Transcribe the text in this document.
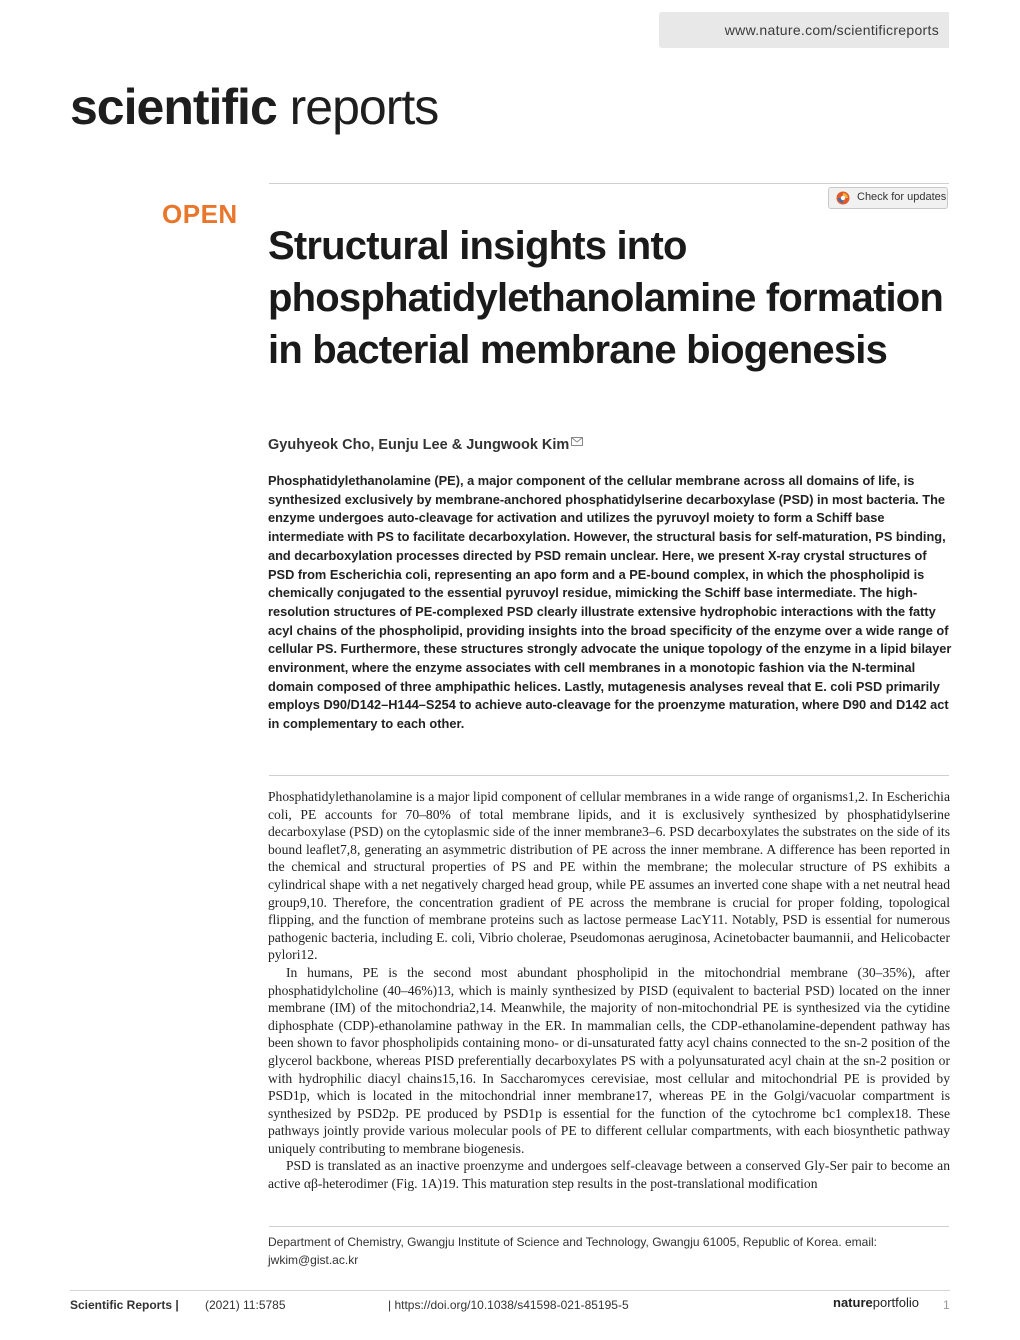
www.nature.com/scientificreports
scientific reports
Check for updates
OPEN
Structural insights into phosphatidylethanolamine formation in bacterial membrane biogenesis
Gyuhyeok Cho, Eunju Lee & Jungwook Kim

Phosphatidylethanolamine (PE), a major component of the cellular membrane across all domains of life, is synthesized exclusively by membrane-anchored phosphatidylserine decarboxylase (PSD) in most bacteria. The enzyme undergoes auto-cleavage for activation and utilizes the pyruvoyl moiety to form a Schiff base intermediate with PS to facilitate decarboxylation. However, the structural basis for self-maturation, PS binding, and decarboxylation processes directed by PSD remain unclear. Here, we present X-ray crystal structures of PSD from Escherichia coli, representing an apo form and a PE-bound complex, in which the phospholipid is chemically conjugated to the essential pyruvoyl residue, mimicking the Schiff base intermediate. The high-resolution structures of PE-complexed PSD clearly illustrate extensive hydrophobic interactions with the fatty acyl chains of the phospholipid, providing insights into the broad specificity of the enzyme over a wide range of cellular PS. Furthermore, these structures strongly advocate the unique topology of the enzyme in a lipid bilayer environment, where the enzyme associates with cell membranes in a monotopic fashion via the N-terminal domain composed of three amphipathic helices. Lastly, mutagenesis analyses reveal that E. coli PSD primarily employs D90/D142–H144–S254 to achieve auto-cleavage for the proenzyme maturation, where D90 and D142 act in complementary to each other.

Phosphatidylethanolamine is a major lipid component of cellular membranes in a wide range of organisms1,2. In Escherichia coli, PE accounts for 70–80% of total membrane lipids, and it is exclusively synthesized by phosphatidylserine decarboxylase (PSD) on the cytoplasmic side of the inner membrane3–6. PSD decarboxylates the substrates on the side of its bound leaflet7,8, generating an asymmetric distribution of PE across the inner membrane. A difference has been reported in the chemical and structural properties of PS and PE within the membrane; the molecular structure of PS exhibits a cylindrical shape with a net negatively charged head group, while PE assumes an inverted cone shape with a net neutral head group9,10. Therefore, the concentration gradient of PE across the membrane is crucial for proper folding, topological flipping, and the function of membrane proteins such as lactose permease LacY11. Notably, PSD is essential for numerous pathogenic bacteria, including E. coli, Vibrio cholerae, Pseudomonas aeruginosa, Acinetobacter baumannii, and Helicobacter pylori12.

In humans, PE is the second most abundant phospholipid in the mitochondrial membrane (30–35%), after phosphatidylcholine (40–46%)13, which is mainly synthesized by PISD (equivalent to bacterial PSD) located on the inner membrane (IM) of the mitochondria2,14. Meanwhile, the majority of non-mitochondrial PE is synthesized via the cytidine diphosphate (CDP)-ethanolamine pathway in the ER. In mammalian cells, the CDP-ethanolamine-dependent pathway has been shown to favor phospholipids containing mono- or di-unsaturated fatty acyl chains connected to the sn-2 position of the glycerol backbone, whereas PISD preferentially decarboxylates PS with a polyunsaturated acyl chain at the sn-2 position or with hydrophilic diacyl chains15,16. In Saccharomyces cerevisiae, most cellular and mitochondrial PE is provided by PSD1p, which is located in the mitochondrial inner membrane17, whereas PE in the Golgi/vacuolar compartment is synthesized by PSD2p. PE produced by PSD1p is essential for the function of the cytochrome bc1 complex18. These pathways jointly provide various molecular pools of PE to different cellular compartments, with each biosynthetic pathway uniquely contributing to membrane biogenesis.

PSD is translated as an inactive proenzyme and undergoes self-cleavage between a conserved Gly-Ser pair to become an active αβ-heterodimer (Fig. 1A)19. This maturation step results in the post-translational modification

Department of Chemistry, Gwangju Institute of Science and Technology, Gwangju 61005, Republic of Korea. email: jwkim@gist.ac.kr

Scientific Reports | (2021) 11:5785	| https://doi.org/10.1038/s41598-021-85195-5	natureportfolio 1
